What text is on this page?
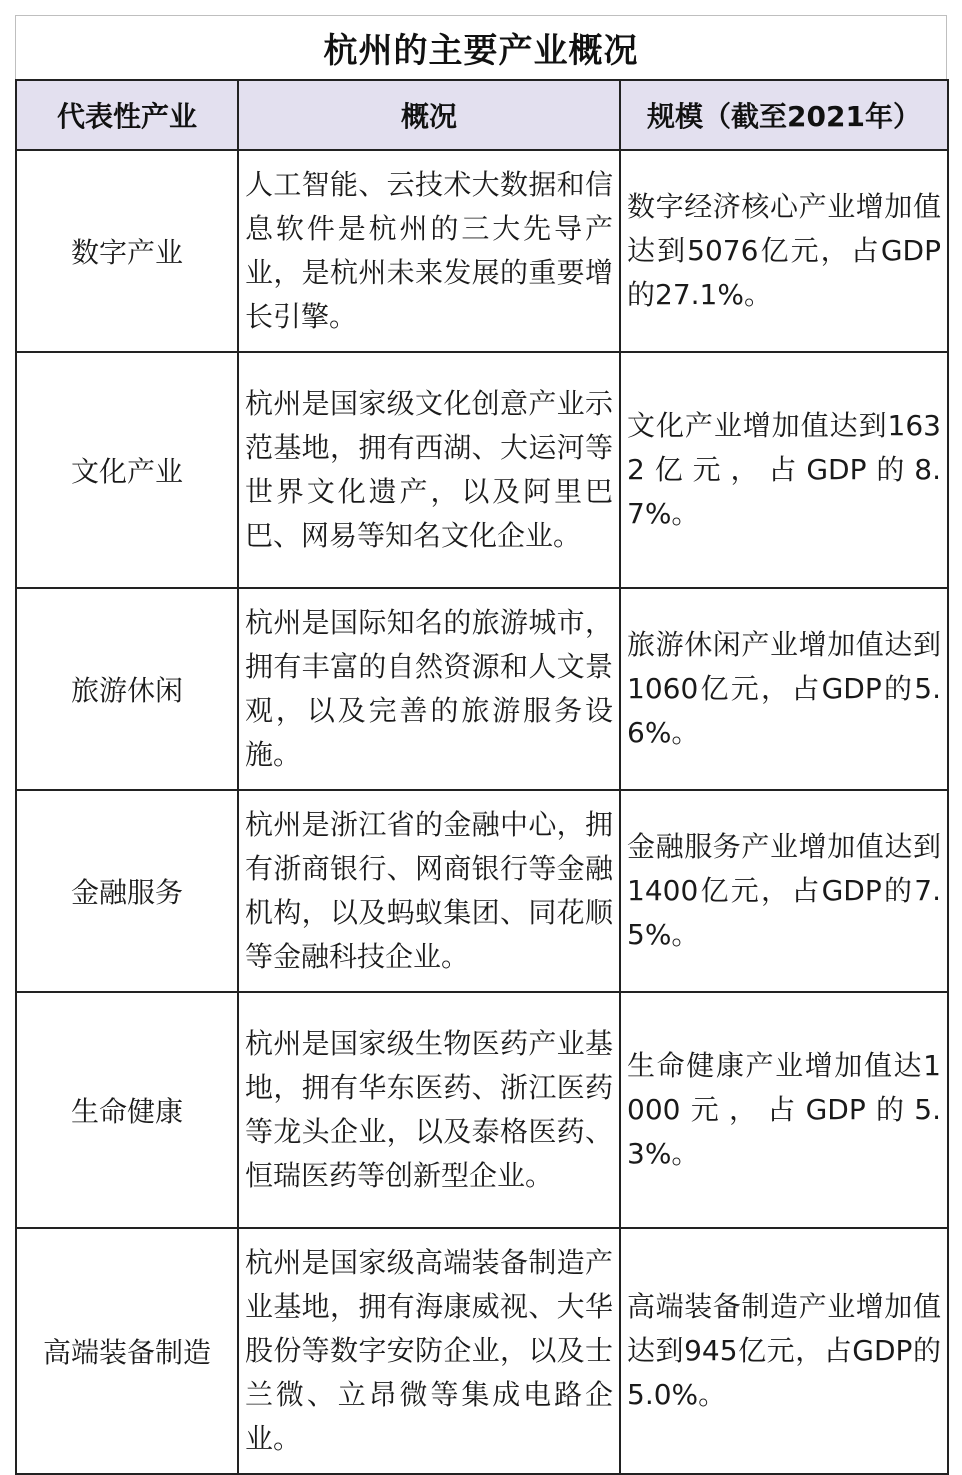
杭州的主要产业概况
代表性产业	概况	规模（截至2021年）
数字产业	人工智能、云技术大数据和信息软件是杭州的三大先导产业，是杭州未来发展的重要增长引擎。	数字经济核心产业增加值达到5076亿元，占GDP的27.1%。
文化产业	杭州是国家级文化创意产业示范基地，拥有西湖、大运河等世界文化遗产，以及阿里巴巴、网易等知名文化企业。	文化产业增加值达到1632亿元，占GDP的8.7%。
旅游休闲	杭州是国际知名的旅游城市，拥有丰富的自然资源和人文景观，以及完善的旅游服务设施。	旅游休闲产业增加值达到1060亿元，占GDP的5.6%。
金融服务	杭州是浙江省的金融中心，拥有浙商银行、网商银行等金融机构，以及蚂蚁集团、同花顺等金融科技企业。	金融服务产业增加值达到1400亿元，占GDP的7.5%。
生命健康	杭州是国家级生物医药产业基地，拥有华东医药、浙江医药等龙头企业，以及泰格医药、恒瑞医药等创新型企业。	生命健康产业增加值达1000元，占GDP的5.3%。
高端装备制造	杭州是国家级高端装备制造产业基地，拥有海康威视、大华股份等数字安防企业，以及士兰微、立昂微等集成电路企业。	高端装备制造产业增加值达到945亿元，占GDP的5.0%。
